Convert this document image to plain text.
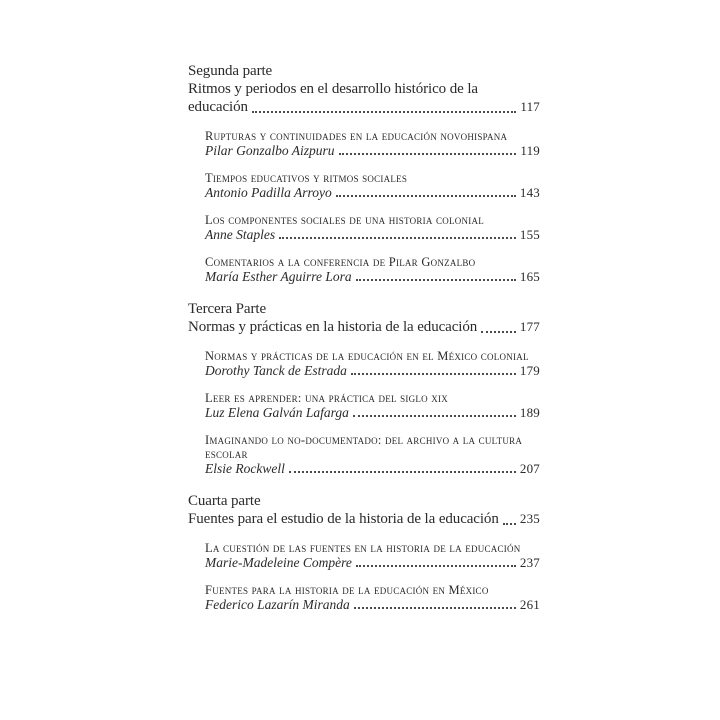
Segunda parte
Ritmos y periodos en el desarrollo histórico de la
educación	117
Rupturas y continuidades en la educación novohispana
Pilar Gonzalbo Aizpuru	119
Tiempos educativos y ritmos sociales
Antonio Padilla Arroyo	143
Los componentes sociales de una historia colonial
Anne Staples	155
Comentarios a la conferencia de Pilar Gonzalbo
María Esther Aguirre Lora	165
Tercera Parte
Normas y prácticas en la historia de la educación	177
Normas y prácticas de la educación en el México colonial
Dorothy Tanck de Estrada	179
Leer es aprender: una práctica del siglo xix
Luz Elena Galván Lafarga	189
Imaginando lo no-documentado: del archivo a la cultura
escolar
Elsie Rockwell	207
Cuarta parte
Fuentes para el estudio de la historia de la educación 235
La cuestión de las fuentes en la historia de la educación
Marie-Madeleine Compère	237
Fuentes para la historia de la educación en México
Federico Lazarín Miranda	261
